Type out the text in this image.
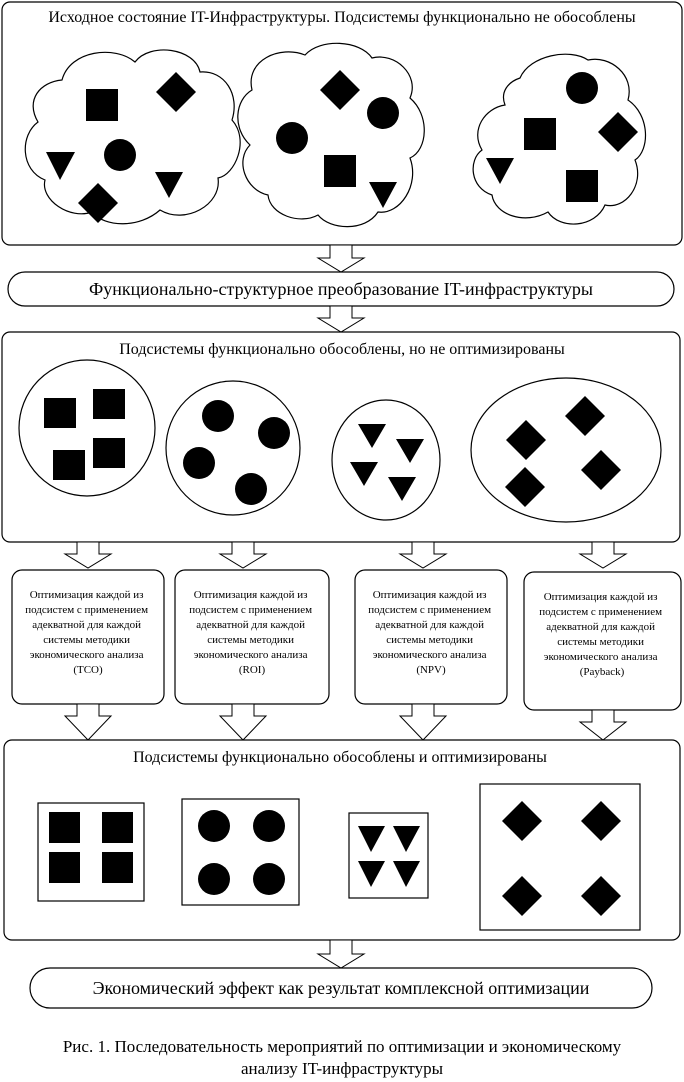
Исходное состояние IT-Инфраструктуры. Подсистемы функционально не обособлены
Функционально-структурное преобразование IT-инфраструктуры
Подсистемы функционально обособлены, но не оптимизированы
Оптимизация каждой из подсистем с применением адекватной для каждой системы методики экономического анализа (TCO)
Оптимизация каждой из подсистем с применением адекватной для каждой системы методики экономического анализа (ROI)
Оптимизация каждой из подсистем с применением адекватной для каждой системы методики экономического анализа (NPV)
Оптимизация каждой из подсистем с применением адекватной для каждой системы методики экономического анализа (Payback)
Подсистемы функционально обособлены и оптимизированы
Экономический эффект как результат комплексной оптимизации
Рис. 1. Последовательность мероприятий по оптимизации и экономическому
анализу IT-инфраструктуры
